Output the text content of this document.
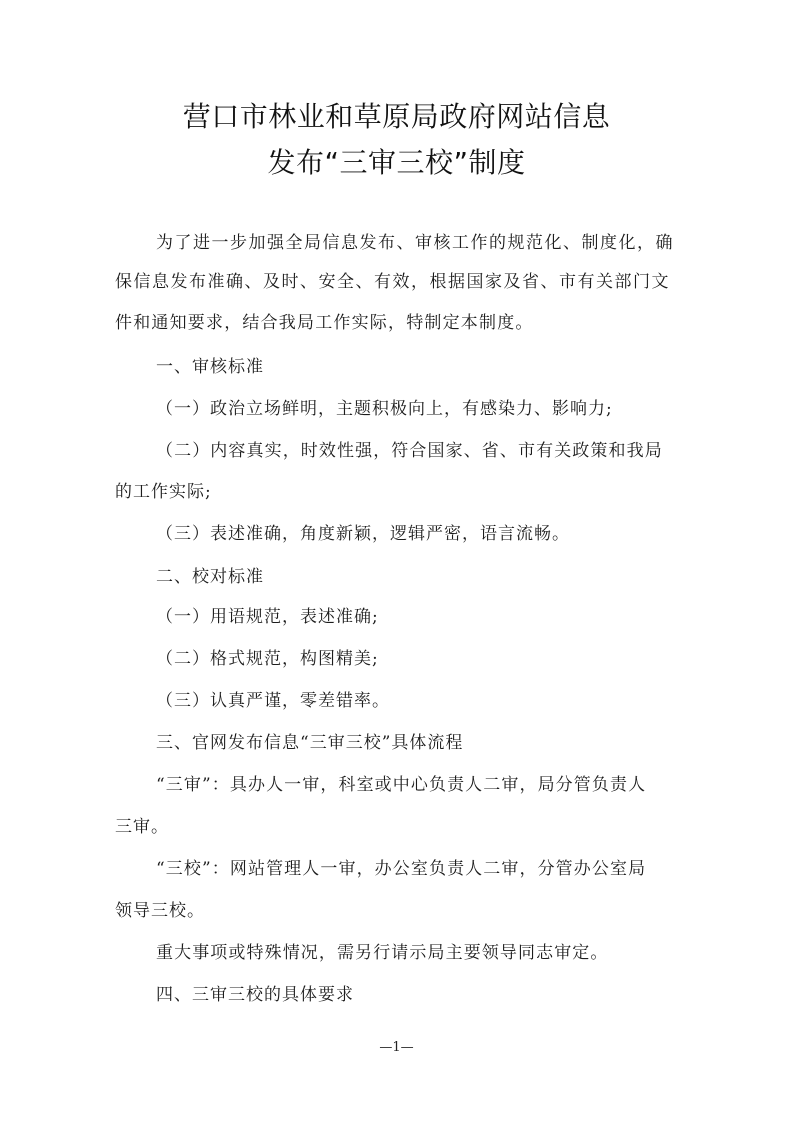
营口市林业和草原局政府网站信息
发布“三审三校”制度
为了进一步加强全局信息发布、审核工作的规范化、制度化，确
保信息发布准确、及时、安全、有效，根据国家及省、市有关部门文
件和通知要求，结合我局工作实际，特制定本制度。
一、审核标准
（一）政治立场鲜明，主题积极向上，有感染力、影响力;
（二）内容真实，时效性强，符合国家、省、市有关政策和我局
的工作实际;
（三）表述准确，角度新颖，逻辑严密，语言流畅。
二、校对标准
（一）用语规范，表述准确;
（二）格式规范，构图精美;
（三）认真严谨，零差错率。
三、官网发布信息“三审三校”具体流程
“三审”：具办人一审，科室或中心负责人二审，局分管负责人
三审。
“三校”：网站管理人一审，办公室负责人二审，分管办公室局
领导三校。
重大事项或特殊情况，需另行请示局主要领导同志审定。
四、三审三校的具体要求
—1—
